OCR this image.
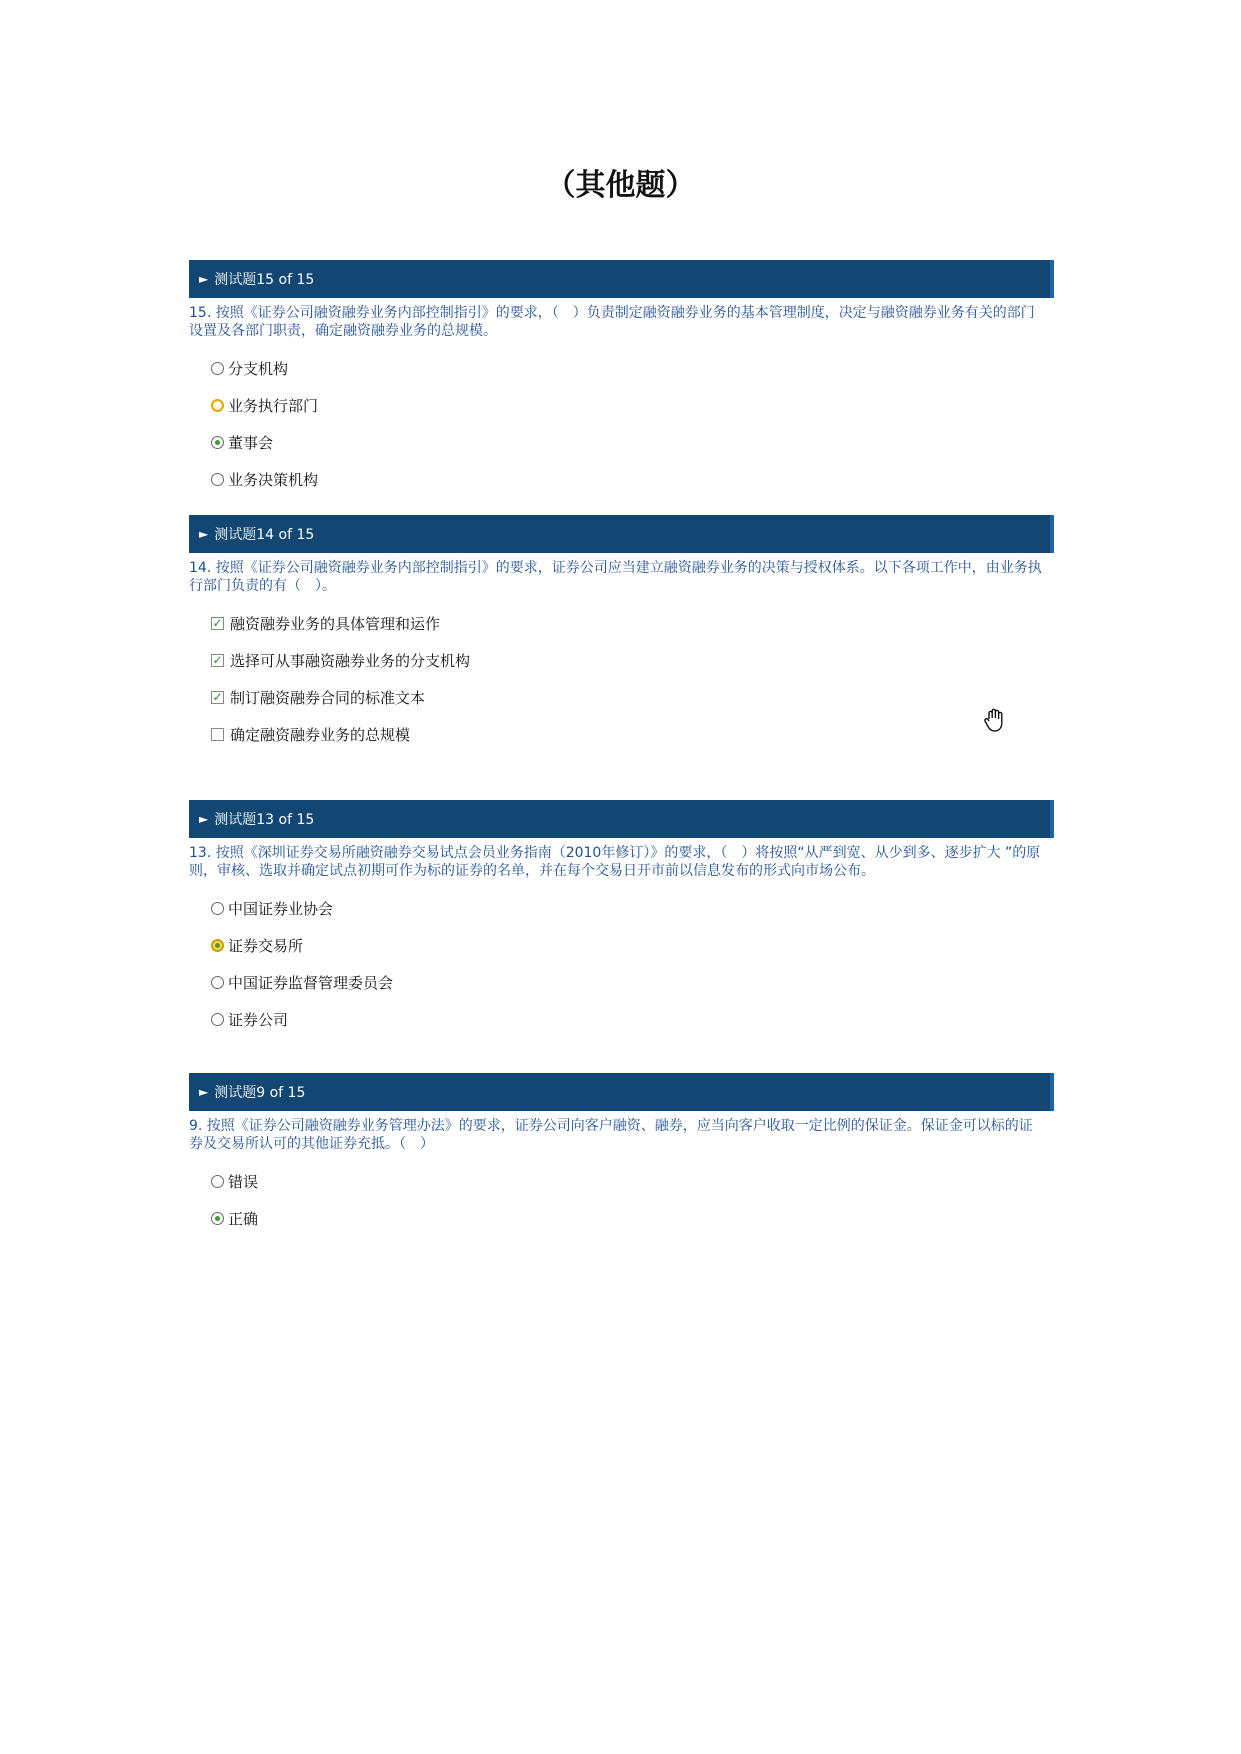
（其他题）
► 测试题15 of 15
15. 按照《证券公司融资融券业务内部控制指引》的要求，（　）负责制定融资融券业务的基本管理制度，决定与融资融券业务有关的部门设置及各部门职责，确定融资融券业务的总规模。
分支机构
业务执行部门
董事会
业务决策机构
► 测试题14 of 15
14. 按照《证券公司融资融券业务内部控制指引》的要求，证券公司应当建立融资融券业务的决策与授权体系。以下各项工作中，由业务执行部门负责的有（　）。
✓ 融资融券业务的具体管理和运作
✓ 选择可从事融资融券业务的分支机构
✓ 制订融资融券合同的标准文本
确定融资融券业务的总规模
► 测试题13 of 15
13. 按照《深圳证券交易所融资融券交易试点会员业务指南（2010年修订）》的要求，（　）将按照“从严到宽、从少到多、逐步扩大 ”的原则，审核、选取并确定试点初期可作为标的证券的名单，并在每个交易日开市前以信息发布的形式向市场公布。
中国证券业协会
证券交易所
中国证券监督管理委员会
证券公司
► 测试题9 of 15
9. 按照《证券公司融资融券业务管理办法》的要求，证券公司向客户融资、融券，应当向客户收取一定比例的保证金。保证金可以标的证券及交易所认可的其他证券充抵。（　）
错误
正确
